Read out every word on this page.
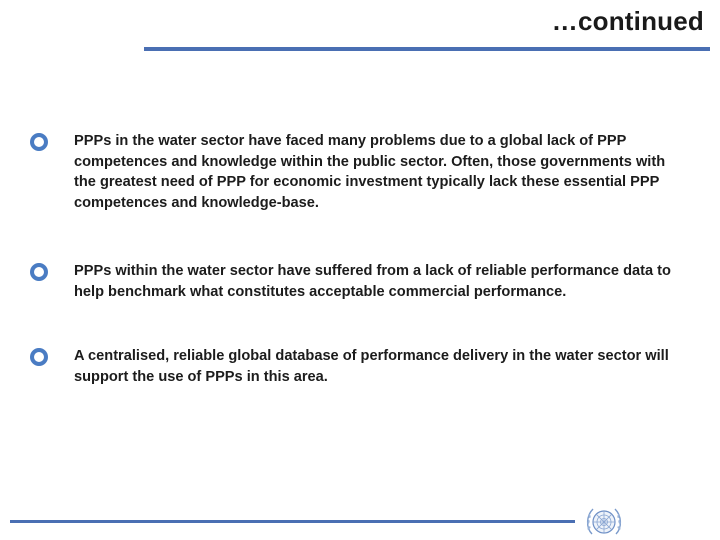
…continued
PPPs in the water sector have faced many problems due to a global lack of PPP competences and knowledge within the public sector. Often, those governments with the greatest need of PPP for economic investment typically lack these essential PPP competences and knowledge-base.
PPPs within the water sector have suffered from a lack of reliable performance data to help benchmark what constitutes acceptable commercial performance.
A centralised, reliable global database of performance delivery in the water sector will support the use of PPPs in this area.
